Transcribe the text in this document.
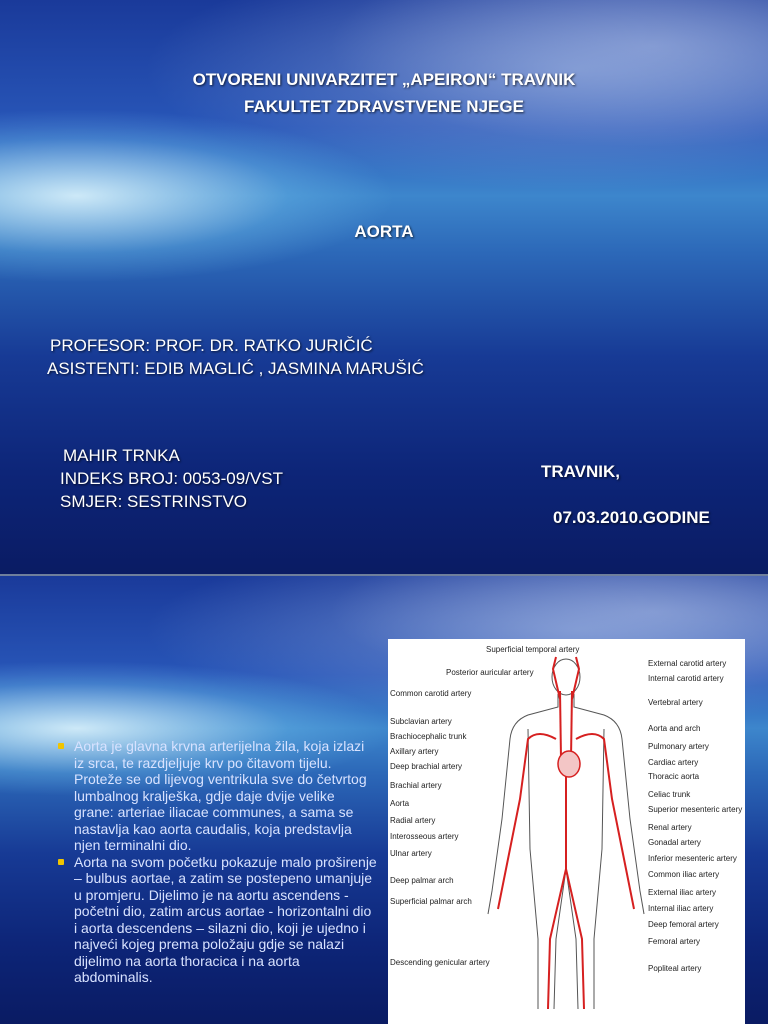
OTVORENI UNIVARZITET „APEIRON“ TRAVNIK
FAKULTET ZDRAVSTVENE NJEGE
AORTA
PROFESOR: PROF. DR. RATKO JURIČIĆ
ASISTENTI: EDIB MAGLIĆ , JASMINA MARUŠIĆ
MAHIR TRNKA
INDEKS BROJ: 0053-09/VST
SMJER: SESTRINSTVO
TRAVNIK,
07.03.2010.GODINE
Aorta je glavna krvna arterijelna žila, koja izlazi iz srca, te razdjeljuje krv po čitavom tijelu. Proteže se od lijevog ventrikula sve do četvrtog lumbalnog kralješka, gdje daje dvije velike grane: arteriae iliacae communes, a sama se nastavlja kao aorta caudalis, koja predstavlja njen terminalni dio.
Aorta na svom početku pokazuje malo proširenje – bulbus aortae, a zatim se postepeno umanjuje u promjeru. Dijelimo je na aortu ascendens - početni dio, zatim arcus aortae - horizontalni dio i aorta descendens – silazni dio, koji je ujedno i najveći kojeg prema položaju gdje se nalazi dijelimo na aorta thoracica i na aorta abdominalis.
Superficial temporal artery
Posterior auricular artery
Common carotid artery
Subclavian artery
Brachiocephalic trunk
Axillary artery
Deep brachial artery
Brachial artery
Aorta
Radial artery
Interosseous artery
Ulnar artery
Deep palmar arch
Superficial palmar arch
Descending genicular artery
External carotid artery
Internal carotid artery
Vertebral artery
Aorta and arch
Pulmonary artery
Cardiac artery
Thoracic aorta
Celiac trunk
Superior mesenteric artery
Renal artery
Gonadal artery
Inferior mesenteric artery
Common iliac artery
External iliac artery
Internal iliac artery
Deep femoral artery
Femoral artery
Popliteal artery
